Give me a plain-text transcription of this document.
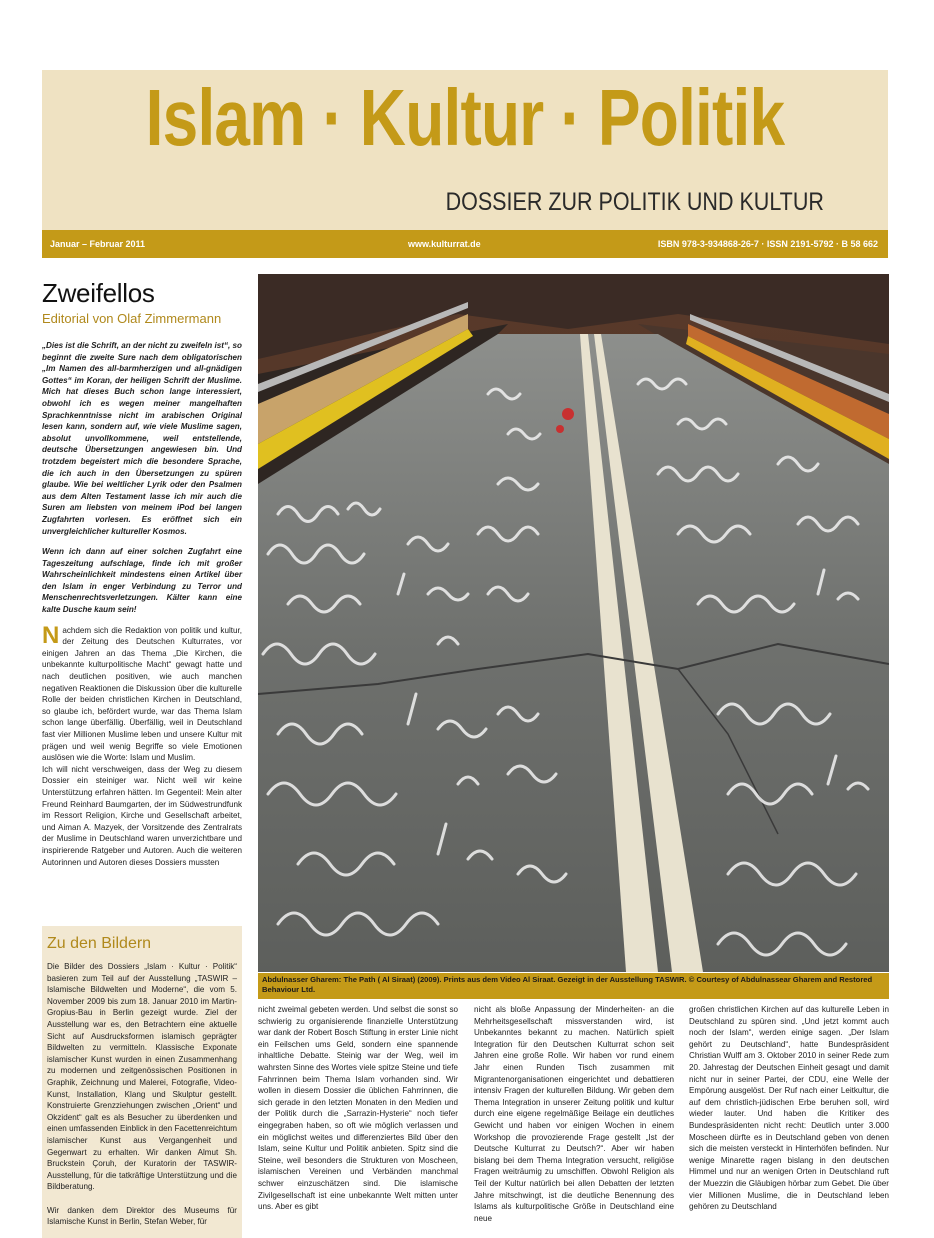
Islam · Kultur · Politik
DOSSIER ZUR POLITIK UND KULTUR
Januar – Februar 2011	www.kulturrat.de	ISBN 978-3-934868-26-7 · ISSN 2191-5792 · B 58 662
Zweifellos
Editorial von Olaf Zimmermann

„Dies ist die Schrift, an der nicht zu zweifeln ist“, so beginnt die zweite Sure nach dem obligatorischen „Im Namen des all-barmherzigen und all-gnädigen Gottes“ im Koran, der heiligen Schrift der Muslime. Mich hat dieses Buch schon lange interessiert, obwohl ich es wegen meiner mangelhaften Sprachkenntnisse nicht im arabischen Original lesen kann, sondern auf, wie viele Muslime sagen, absolut unvollkommene, weil entstellende, deutsche Übersetzungen angewiesen bin. Und trotzdem begeistert mich die besondere Sprache, die ich auch in den Übersetzungen zu spüren glaube. Wie bei weltlicher Lyrik oder den Psalmen aus dem Alten Testament lasse ich mir auch die Suren am liebsten von meinem iPod bei langen Zugfahrten vorlesen. Es eröffnet sich ein unvergleichlicher kultureller Kosmos.

Wenn ich dann auf einer solchen Zugfahrt eine Tageszeitung aufschlage, finde ich mit großer Wahrscheinlichkeit mindestens einen Artikel über den Islam in enger Verbindung zu Terror und Menschenrechtsverletzungen. Kälter kann eine kalte Dusche kaum sein!

Nachdem sich die Redaktion von politik und kultur, der Zeitung des Deutschen Kulturrates, vor einigen Jahren an das Thema „Die Kirchen, die unbekannte kulturpolitische Macht“ gewagt hatte und nach deutlichen positiven, wie auch manchen negativen Reaktionen die Diskussion über die kulturelle Rolle der beiden christlichen Kirchen in Deutschland, so glaube ich, befördert wurde, war das Thema Islam schon lange überfällig. Überfällig, weil in Deutschland fast vier Millionen Muslime leben und unsere Kultur mit prägen und weil wenig Begriffe so viele Emotionen auslösen wie die Worte: Islam und Muslim.

Ich will nicht verschweigen, dass der Weg zu diesem Dossier ein steiniger war. Nicht weil wir keine Unterstützung erfahren hätten. Im Gegenteil: Mein alter Freund Reinhard Baumgarten, der im Südwestrundfunk im Ressort Religion, Kirche und Gesellschaft arbeitet, und Aiman A. Mazyek, der Vorsitzende des Zentralrats der Muslime in Deutschland waren unverzichtbare und inspirierende Ratgeber und Autoren. Auch die weiteren Autorinnen und Autoren dieses Dossiers mussten

Zu den Bildern

Die Bilder des Dossiers „Islam · Kultur · Politik“ basieren zum Teil auf der Ausstellung „TASWIR – Islamische Bildwelten und Moderne“, die vom 5. November 2009 bis zum 18. Januar 2010 im Martin-Gropius-Bau in Berlin gezeigt wurde. Ziel der Ausstellung war es, den Betrachtern eine aktuelle Sicht auf Ausdrucksformen islamisch geprägter Bildwelten zu vermitteln. Klassische Exponate islamischer Kunst wurden in einen Zusammenhang zu modernen und zeitgenössischen Positionen in Graphik, Zeichnung und Malerei, Fotografie, Video-Kunst, Installation, Klang und Skulptur gestellt. Konstruierte Grenzziehungen zwischen „Orient“ und Okzident“ galt es als Besucher zu überdenken und einen umfassenden Einblick in den Facettenreichtum islamischer Kunst aus Vergangenheit und Gegenwart zu erhalten. Wir danken Almut Sh. Bruckstein Çoruh, der Kuratorin der TASWIR-Ausstellung, für die tatkräftige Unterstützung und die Bildberatung.

Wir danken dem Direktor des Museums für Islamische Kunst in Berlin, Stefan Weber, für

Abdulnasser Gharem: The Path ( Al Siraat) (2009). Prints aus dem Video Al Siraat. Gezeigt in der Ausstellung TASWIR. © Courtesy of Abdulnassear Gharem and Restored Behaviour Ltd.
nicht zweimal gebeten werden. Und selbst die sonst so schwierig zu organisierende finanzielle Unterstützung war dank der Robert Bosch Stiftung in erster Linie nicht ein Feilschen ums Geld, sondern eine spannende inhaltliche Debatte. Steinig war der Weg, weil im wahrsten Sinne des Wortes viele spitze Steine und tiefe Fahrrinnen beim Thema Islam vorhanden sind. Wir wollen in diesem Dossier die üblichen Fahrrinnen, die sich gerade in den letzten Monaten in den Medien und der Politik durch die „Sarrazin-Hysterie“ noch tiefer eingegraben haben, so oft wie möglich verlassen und ein möglichst weites und differenziertes Bild über den Islam, seine Kultur und Politik anbieten. Spitz sind die Steine, weil besonders die Strukturen von Moscheen, islamischen Vereinen und Verbänden manchmal schwer einzuschätzen sind. Die islamische Zivilgesellschaft ist eine unbekannte Welt mitten unter uns. Aber es gibt
nicht als bloße Anpassung der Minderheiten- an die Mehrheitsgesellschaft missverstanden wird, ist Unbekanntes bekannt zu machen. Natürlich spielt Integration für den Deutschen Kulturrat schon seit Jahren eine große Rolle. Wir haben vor rund einem Jahr einen Runden Tisch zusammen mit Migrantenorganisationen eingerichtet und debattieren intensiv Fragen der kulturellen Bildung. Wir geben dem Thema Integration in unserer Zeitung politik und kultur durch eine eigene regelmäßige Beilage ein deutliches Gewicht und haben vor einigen Wochen in einem Workshop die provozierende Frage gestellt „Ist der Deutsche Kulturrat zu Deutsch?“. Aber wir haben bislang bei dem Thema Integration versucht, religiöse Fragen weiträumig zu umschiffen. Obwohl Religion als Teil der Kultur natürlich bei allen Debatten der letzten Jahre mitschwingt, ist die deutliche Benennung des Islams als kulturpolitische Größe in Deutschland eine neue
großen christlichen Kirchen auf das kulturelle Leben in Deutschland zu spüren sind. „Und jetzt kommt auch noch der Islam“, werden einige sagen. „Der Islam gehört zu Deutschland“, hatte Bundespräsident Christian Wulff am 3. Oktober 2010 in seiner Rede zum 20. Jahrestag der Deutschen Einheit gesagt und damit nicht nur in seiner Partei, der CDU, eine Welle der Empörung ausgelöst. Der Ruf nach einer Leitkultur, die auf dem christlich-jüdischen Erbe beruhen soll, wird wieder lauter. Und haben die Kritiker des Bundespräsidenten nicht recht: Deutlich unter 3.000 Moscheen dürfte es in Deutschland geben von denen sich die meisten versteckt in Hinterhöfen befinden. Nur wenige Minarette ragen bislang in den deutschen Himmel und nur an wenigen Orten in Deutschland ruft der Muezzin die Gläubigen hörbar zum Gebet. Die über vier Millionen Muslime, die in Deutschland leben gehören zu Deutschland
